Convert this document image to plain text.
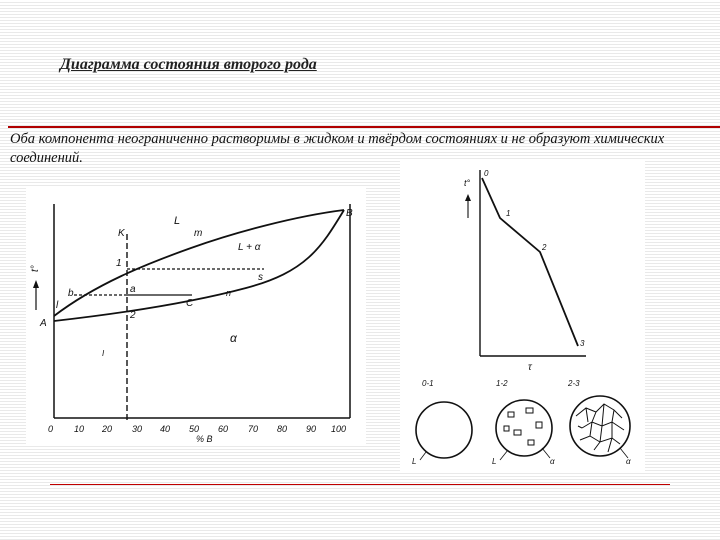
Диаграмма состояния второго рода
Оба компонента неограниченно растворимы в жидком и твёрдом состояниях и не образуют химических соединений.
t°
A
B
K
L
m
L + α
1
a
2
b
C
l
s
n
α
I
0 10 20 30 40 50 60 70 80 90 100
% B
t°
τ
0
1
2
3
0-1	1-2	2-3
L	L	α	α
